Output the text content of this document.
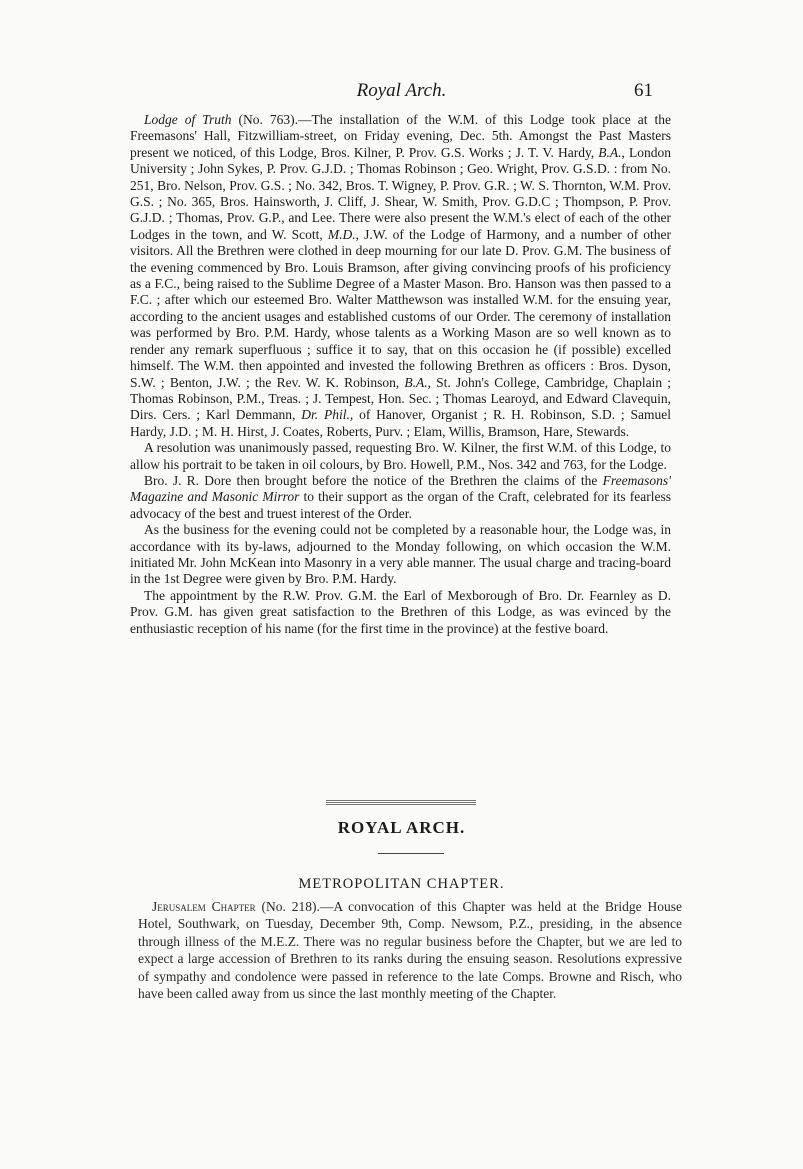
Royal Arch.	61

Lodge of Truth (No. 763).—The installation of the W.M. of this Lodge took place at the Freemasons' Hall, Fitzwilliam-street, on Friday evening, Dec. 5th. Amongst the Past Masters present we noticed, of this Lodge, Bros. Kilner, P. Prov. G.S. Works ; J. T. V. Hardy, B.A., London University ; John Sykes, P. Prov. G.J.D. ; Thomas Robinson ; Geo. Wright, Prov. G.S.D. : from No. 251, Bro. Nelson, Prov. G.S. ; No. 342, Bros. T. Wigney, P. Prov. G.R. ; W. S. Thornton, W.M. Prov. G.S. ; No. 365, Bros. Hainsworth, J. Cliff, J. Shear, W. Smith, Prov. G.D.C ; Thompson, P. Prov. G.J.D. ; Thomas, Prov. G.P., and Lee. There were also present the W.M.'s elect of each of the other Lodges in the town, and W. Scott, M.D., J.W. of the Lodge of Harmony, and a number of other visitors. All the Brethren were clothed in deep mourning for our late D. Prov. G.M. The business of the evening commenced by Bro. Louis Bramson, after giving convincing proofs of his proficiency as a F.C., being raised to the Sublime Degree of a Master Mason. Bro. Hanson was then passed to a F.C. ; after which our esteemed Bro. Walter Matthewson was installed W.M. for the ensuing year, according to the ancient usages and established customs of our Order. The ceremony of installation was performed by Bro. P.M. Hardy, whose talents as a Working Mason are so well known as to render any remark superfluous ; suffice it to say, that on this occasion he (if possible) excelled himself. The W.M. then appointed and invested the following Brethren as officers : Bros. Dyson, S.W. ; Benton, J.W. ; the Rev. W. K. Robinson, B.A., St. John's College, Cambridge, Chaplain ; Thomas Robinson, P.M., Treas. ; J. Tempest, Hon. Sec. ; Thomas Learoyd, and Edward Clavequin, Dirs. Cers. ; Karl Demmann, Dr. Phil., of Hanover, Organist ; R. H. Robinson, S.D. ; Samuel Hardy, J.D. ; M. H. Hirst, J. Coates, Roberts, Purv. ; Elam, Willis, Bramson, Hare, Stewards.

A resolution was unanimously passed, requesting Bro. W. Kilner, the first W.M. of this Lodge, to allow his portrait to be taken in oil colours, by Bro. Howell, P.M., Nos. 342 and 763, for the Lodge.

Bro. J. R. Dore then brought before the notice of the Brethren the claims of the Freemasons' Magazine and Masonic Mirror to their support as the organ of the Craft, celebrated for its fearless advocacy of the best and truest interest of the Order.

As the business for the evening could not be completed by a reasonable hour, the Lodge was, in accordance with its by-laws, adjourned to the Monday following, on which occasion the W.M. initiated Mr. John McKean into Masonry in a very able manner. The usual charge and tracing-board in the 1st Degree were given by Bro. P.M. Hardy.

The appointment by the R.W. Prov. G.M. the Earl of Mexborough of Bro. Dr. Fearnley as D. Prov. G.M. has given great satisfaction to the Brethren of this Lodge, as was evinced by the enthusiastic reception of his name (for the first time in the province) at the festive board.

ROYAL ARCH.
METROPOLITAN CHAPTER.

Jerusalem Chapter (No. 218).—A convocation of this Chapter was held at the Bridge House Hotel, Southwark, on Tuesday, December 9th, Comp. Newsom, P.Z., presiding, in the absence through illness of the M.E.Z. There was no regular business before the Chapter, but we are led to expect a large accession of Brethren to its ranks during the ensuing season. Resolutions expressive of sympathy and condolence were passed in reference to the late Comps. Browne and Risch, who have been called away from us since the last monthly meeting of the Chapter.
